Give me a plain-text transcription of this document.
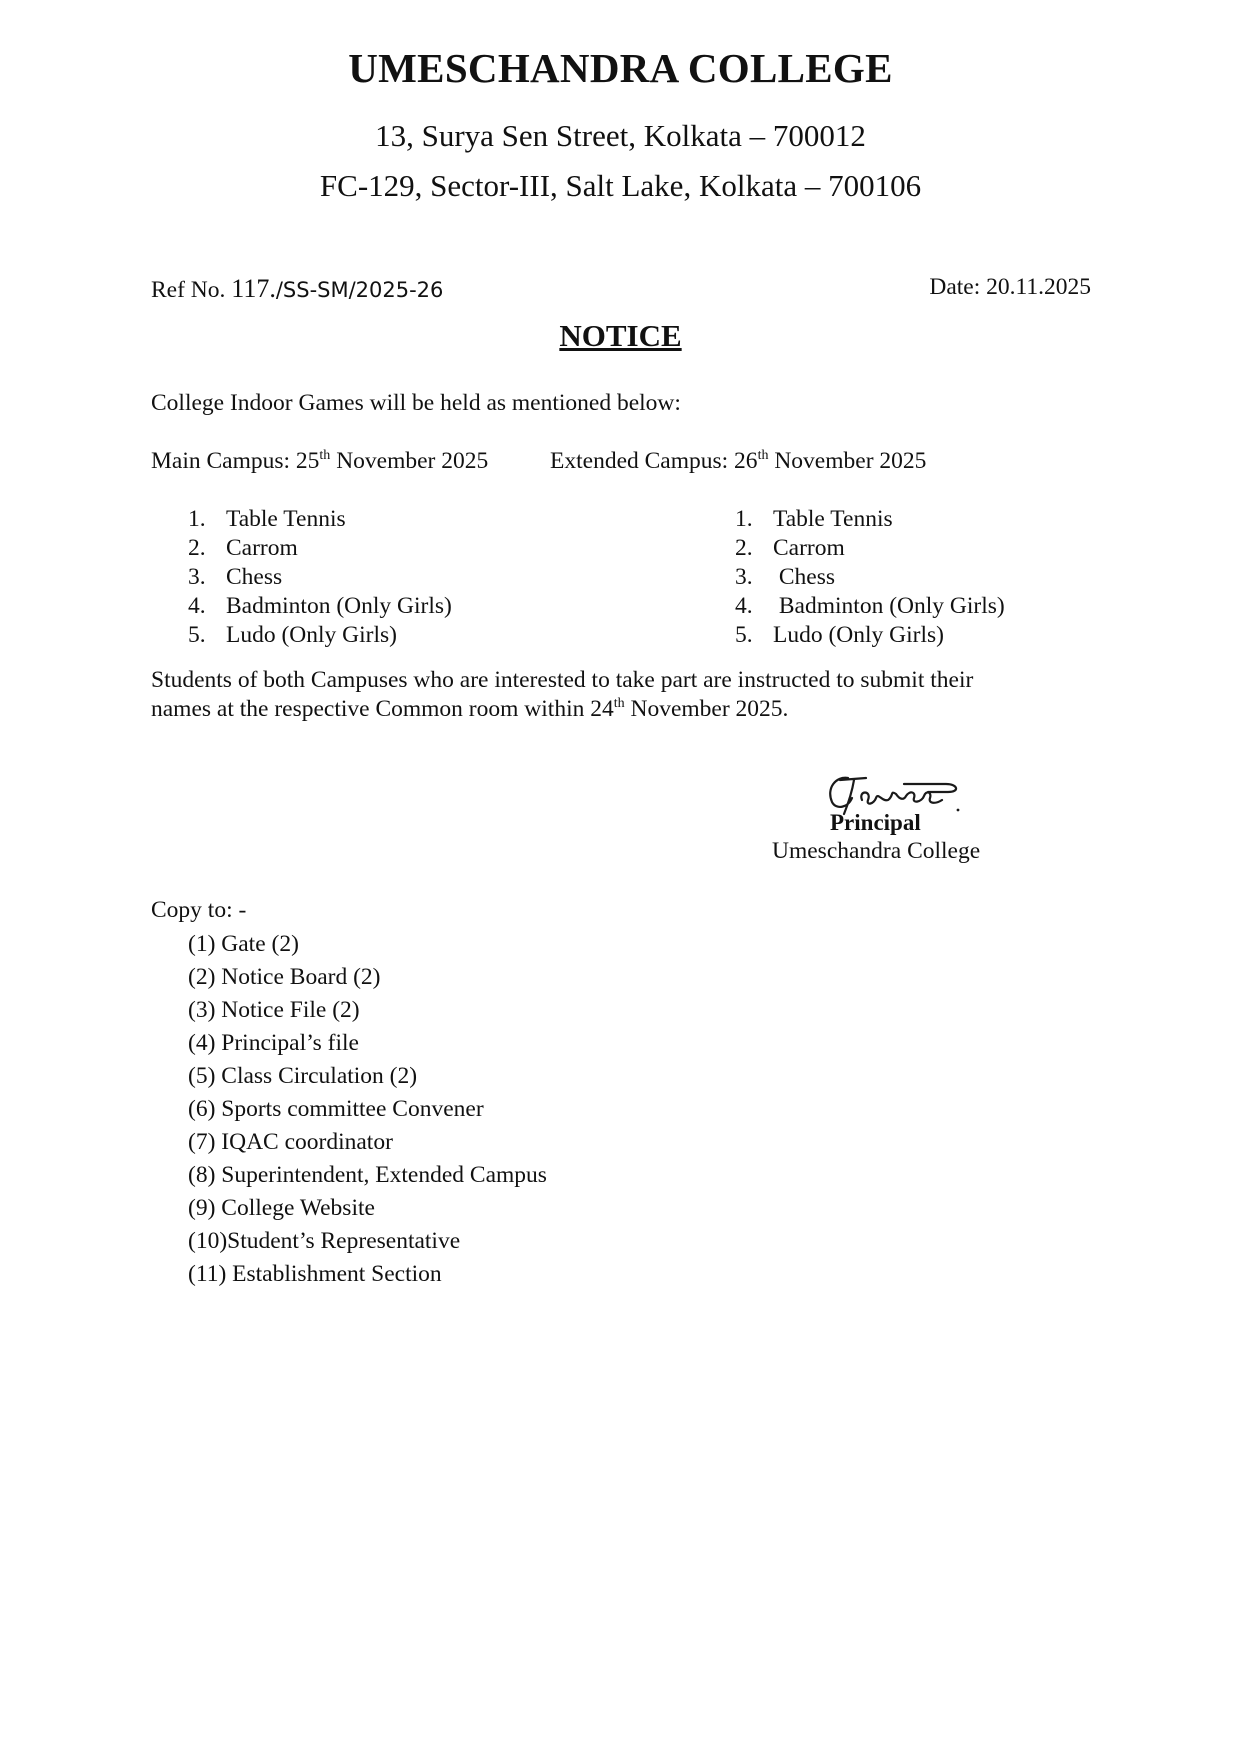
UMESCHANDRA COLLEGE
13, Surya Sen Street, Kolkata – 700012
FC-129, Sector-III, Salt Lake, Kolkata – 700106
Ref No. 117./SS-SM/2025-26	Date: 20.11.2025
NOTICE
College Indoor Games will be held as mentioned below:
Main Campus: 25th November 2025	Extended Campus: 26th November 2025
1. Table Tennis
2. Carrom
3. Chess
4. Badminton (Only Girls)
5. Ludo (Only Girls)
1. Table Tennis
2. Carrom
3. Chess
4. Badminton (Only Girls)
5. Ludo (Only Girls)
Students of both Campuses who are interested to take part are instructed to submit their
names at the respective Common room within 24th November 2025.
Principal
Umeschandra College
Copy to: -
(1) Gate (2)
(2) Notice Board (2)
(3) Notice File (2)
(4) Principal’s file
(5) Class Circulation (2)
(6) Sports committee Convener
(7) IQAC coordinator
(8) Superintendent, Extended Campus
(9) College Website
(10)Student’s Representative
(11) Establishment Section
